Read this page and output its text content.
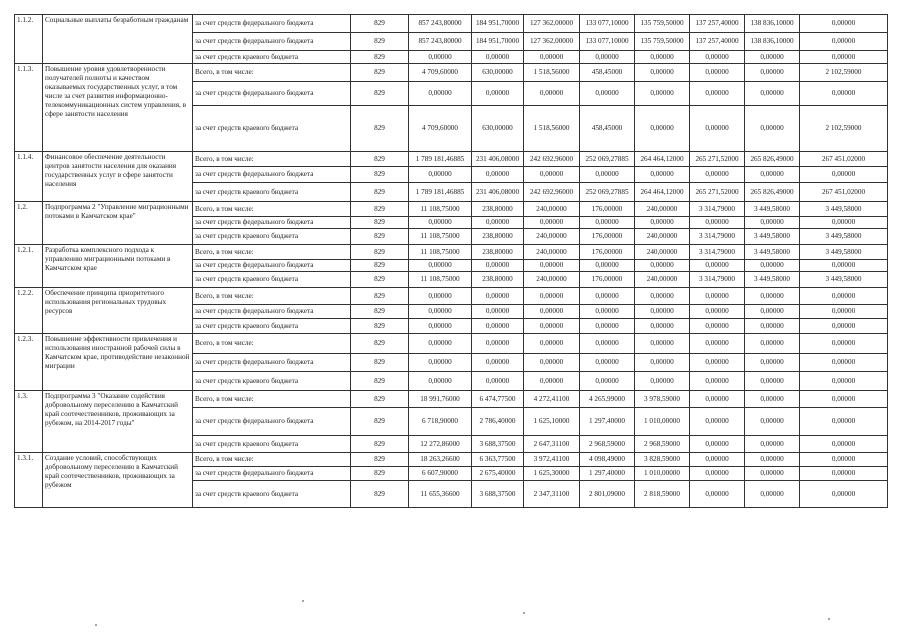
1.1.2.	Социальные выплаты безработным гражданам	за счет средств федерального бюджета	829	857 243,80000	184 951,70000	127 362,00000	133 077,10000	135 759,50000	137 257,40000	138 836,10000	0,00000
		за счет средств федерального бюджета	829	857 243,80000	184 951,70000	127 362,00000	133 077,10000	135 759,50000	137 257,40000	138 836,10000	0,00000
		за счет средств краевого бюджета	829	0,00000	0,00000	0,00000	0,00000	0,00000	0,00000	0,00000	0,00000
1.1.3.	Повышение уровня удовлетворенности получателей полноты и качеством оказываемых государственных услуг, в том числе за счет развития информационно-телекоммуникационных систем управления, в сфере занятости населения	Всего, в том числе:	829	4 709,60000	630,00000	1 518,56000	458,45000	0,00000	0,00000	0,00000	2 102,59000
		за счет средств федерального бюджета	829	0,00000	0,00000	0,00000	0,00000	0,00000	0,00000	0,00000	0,00000
		за счет средств краевого бюджета	829	4 709,60000	630,00000	1 518,56000	458,45000	0,00000	0,00000	0,00000	2 102,59000
1.1.4.	Финансовое обеспечение деятельности центров занятости населения для оказания государственных услуг в сфере занятости населения	Всего, в том числе:	829	1 789 181,46885	231 406,08000	242 692,96000	252 069,27885	264 464,12000	265 271,52000	265 826,49000	267 451,02000
		за счет средств федерального бюджета	829	0,00000	0,00000	0,00000	0,00000	0,00000	0,00000	0,00000	0,00000
		за счет средств краевого бюджета	829	1 789 181,46885	231 406,08000	242 692,96000	252 069,27885	264 464,12000	265 271,52000	265 826,49000	267 451,02000
1.2.	Подпрограмма 2 "Управление миграционными потоками в Камчатском крае"	Всего, в том числе:	829	11 108,75000	238,80000	240,00000	176,00000	240,00000	3 314,79000	3 449,58000	3 449,58000
		за счет средств федерального бюджета	829	0,00000	0,00000	0,00000	0,00000	0,00000	0,00000	0,00000	0,00000
		за счет средств краевого бюджета	829	11 108,75000	238,80000	240,00000	176,00000	240,00000	3 314,79000	3 449,58000	3 449,58000
1.2.1.	Разработка комплексного подхода к управлению миграционными потоками в Камчатском крае	Всего, в том числе:	829	11 108,75000	238,80000	240,00000	176,00000	240,00000	3 314,79000	3 449,58000	3 449,58000
		за счет средств федерального бюджета	829	0,00000	0,00000	0,00000	0,00000	0,00000	0,00000	0,00000	0,00000
		за счет средств краевого бюджета	829	11 108,75000	238,80000	240,00000	176,00000	240,00000	3 314,79000	3 449,58000	3 449,58000
1.2.2.	Обеспечение принципа приоритетного использования региональных трудовых ресурсов	Всего, в том числе:	829	0,00000	0,00000	0,00000	0,00000	0,00000	0,00000	0,00000	0,00000
		за счет средств федерального бюджета	829	0,00000	0,00000	0,00000	0,00000	0,00000	0,00000	0,00000	0,00000
		за счет средств краевого бюджета	829	0,00000	0,00000	0,00000	0,00000	0,00000	0,00000	0,00000	0,00000
1.2.3.	Повышение эффективности привлечения и использования иностранной рабочей силы в Камчатском крае, противодействие незаконной миграции	Всего, в том числе:	829	0,00000	0,00000	0,00000	0,00000	0,00000	0,00000	0,00000	0,00000
		за счет средств федерального бюджета	829	0,00000	0,00000	0,00000	0,00000	0,00000	0,00000	0,00000	0,00000
		за счет средств краевого бюджета	829	0,00000	0,00000	0,00000	0,00000	0,00000	0,00000	0,00000	0,00000
1.3.	Подпрограмма 3 "Оказание содействия добровольному переселению в Камчатский край соотечественников, проживающих за рубежом, на 2014-2017 годы"	Всего, в том числе:	829	18 991,76000	6 474,77500	4 272,41100	4 265,99000	3 978,59000	0,00000	0,00000	0,00000
		за счет средств федерального бюджета	829	6 718,90000	2 786,40000	1 625,10000	1 297,40000	1 010,00000	0,00000	0,00000	0,00000
		за счет средств краевого бюджета	829	12 272,86000	3 688,37500	2 647,31100	2 968,59000	2 968,59000	0,00000	0,00000	0,00000
1.3.1.	Создание условий, способствующих добровольному переселению в Камчатский край соотечественников, проживающих за рубежом	Всего, в том числе:	829	18 263,26600	6 363,77500	3 972,41100	4 098,49000	3 828,59000	0,00000	0,00000	0,00000
		за счет средств федерального бюджета	829	6 607,90000	2 675,40000	1 625,30000	1 297,40000	1 010,00000	0,00000	0,00000	0,00000
		за счет средств краевого бюджета	829	11 655,36600	3 688,37500	2 347,31100	2 801,09000	2 818,59000	0,00000	0,00000	0,00000
